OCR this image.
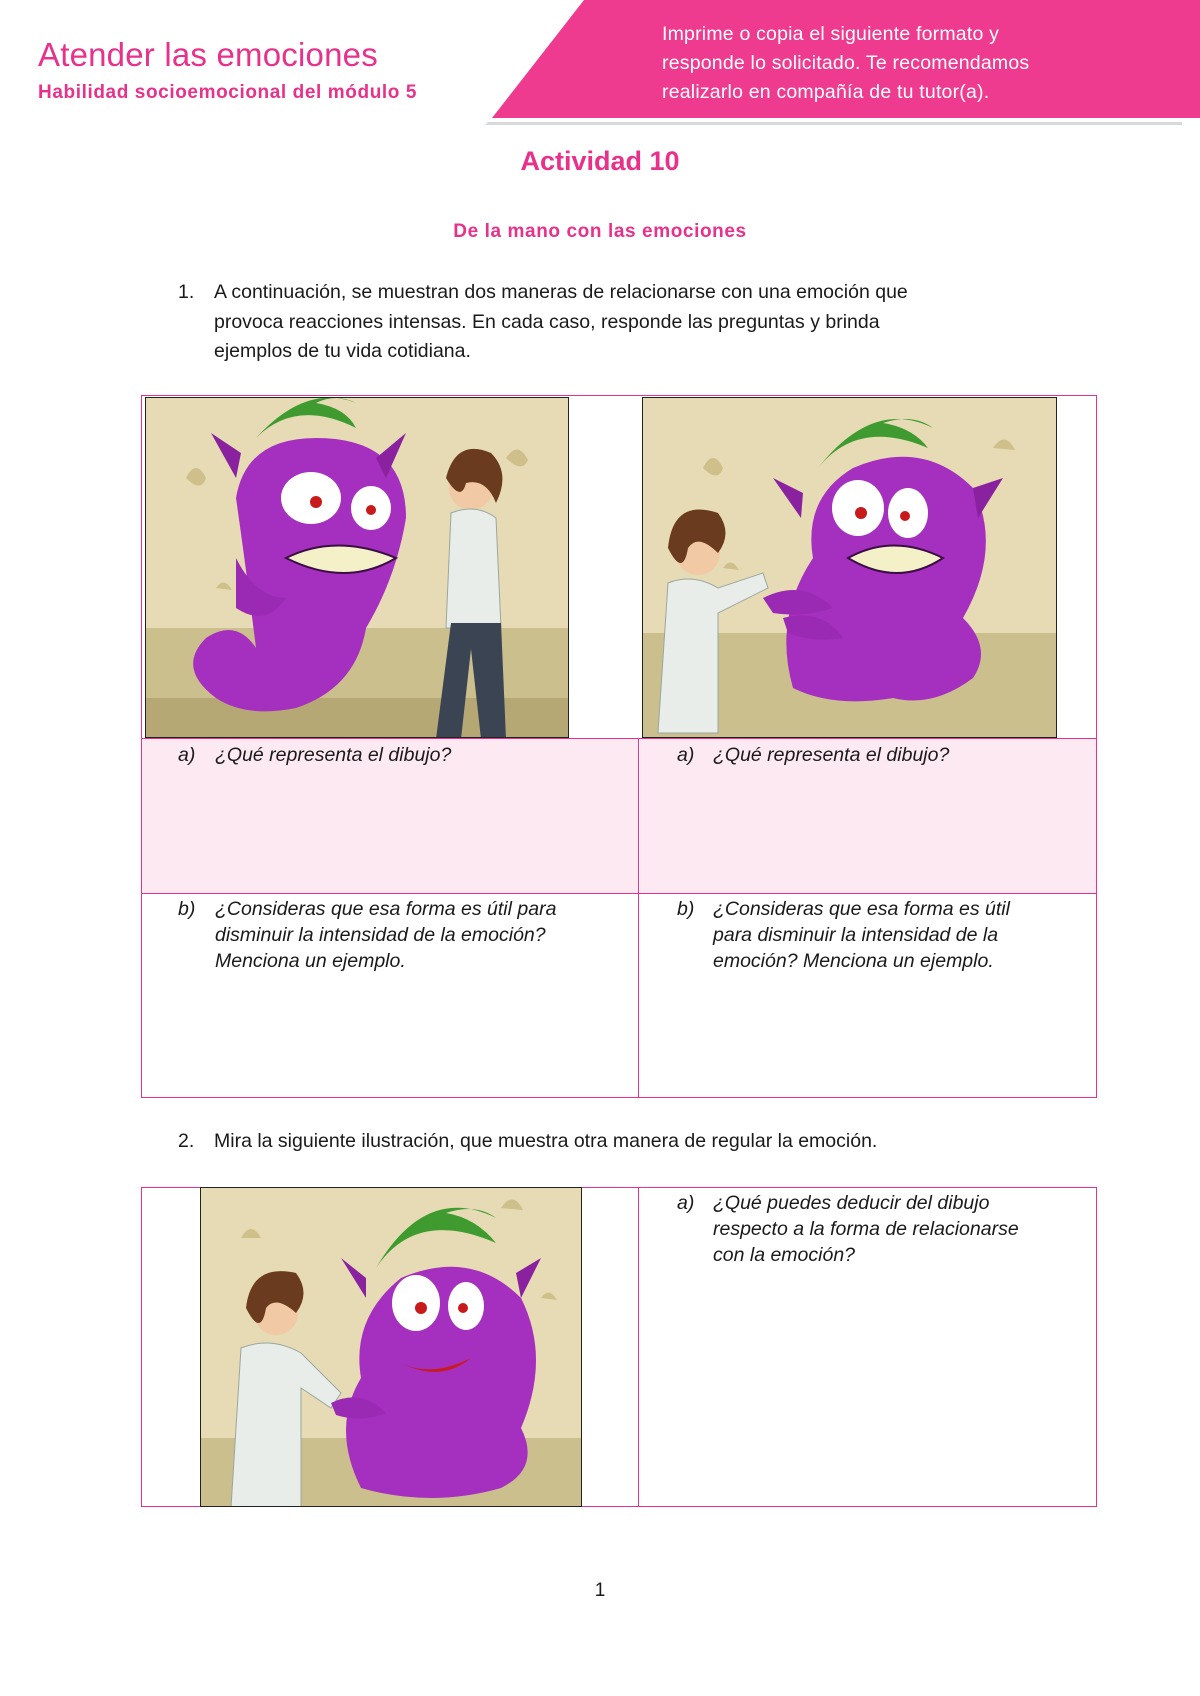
Atender las emociones
Habilidad socioemocional del módulo 5
Imprime o copia el siguiente formato y
responde lo solicitado. Te recomendamos
realizarlo en compañía de tu tutor(a).
Actividad 10
De la mano con las emociones
1. A continuación, se muestran dos maneras de relacionarse con una emoción que
provoca reacciones intensas. En cada caso, responde las preguntas y brinda
ejemplos de tu vida cotidiana.
a) ¿Qué representa el dibujo?	a) ¿Qué representa el dibujo?
b) ¿Consideras que esa forma es útil para
disminuir la intensidad de la emoción?
Menciona un ejemplo.
b) ¿Consideras que esa forma es útil
para disminuir la intensidad de la
emoción? Menciona un ejemplo.
2. Mira la siguiente ilustración, que muestra otra manera de regular la emoción.
a) ¿Qué puedes deducir del dibujo
respecto a la forma de relacionarse
con la emoción?
1
